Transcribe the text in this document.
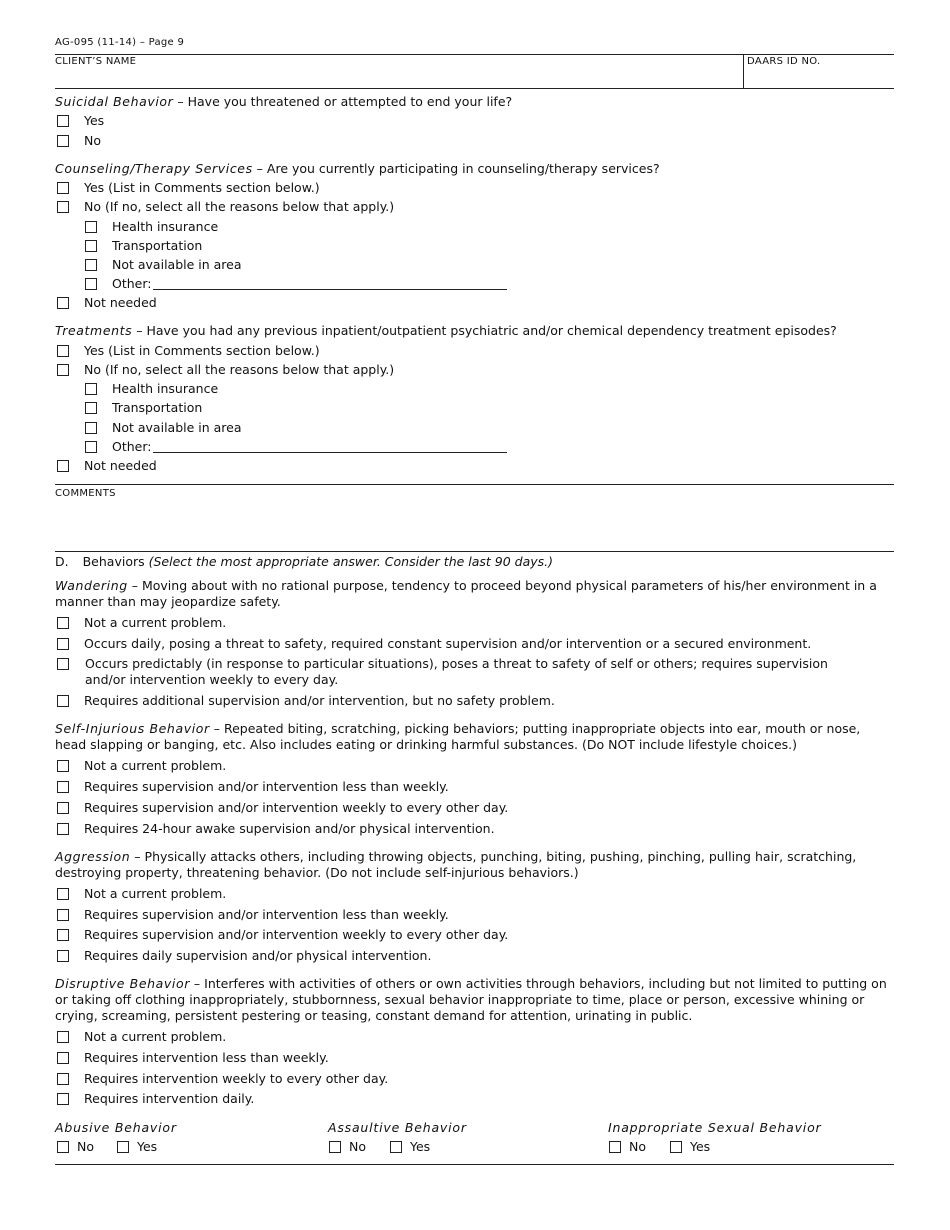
AG-095 (11-14) – Page 9
CLIENT’S NAME	DAARS ID NO.
Suicidal Behavior – Have you threatened or attempted to end your life?
Yes
No
Counseling/Therapy Services – Are you currently participating in counseling/therapy services?
Yes (List in Comments section below.)
No (If no, select all the reasons below that apply.)
Health insurance
Transportation
Not available in area
Other:
Not needed
Treatments – Have you had any previous inpatient/outpatient psychiatric and/or chemical dependency treatment episodes?
Yes (List in Comments section below.)
No (If no, select all the reasons below that apply.)
Health insurance
Transportation
Not available in area
Other:
Not needed
COMMENTS
D. Behaviors (Select the most appropriate answer. Consider the last 90 days.)
Wandering – Moving about with no rational purpose, tendency to proceed beyond physical parameters of his/her environment in a manner than may jeopardize safety.
Not a current problem.
Occurs daily, posing a threat to safety, required constant supervision and/or intervention or a secured environment.
Occurs predictably (in response to particular situations), poses a threat to safety of self or others; requires supervision and/or intervention weekly to every day.
Requires additional supervision and/or intervention, but no safety problem.
Self-Injurious Behavior – Repeated biting, scratching, picking behaviors; putting inappropriate objects into ear, mouth or nose, head slapping or banging, etc. Also includes eating or drinking harmful substances. (Do NOT include lifestyle choices.)
Not a current problem.
Requires supervision and/or intervention less than weekly.
Requires supervision and/or intervention weekly to every other day.
Requires 24-hour awake supervision and/or physical intervention.
Aggression – Physically attacks others, including throwing objects, punching, biting, pushing, pinching, pulling hair, scratching, destroying property, threatening behavior. (Do not include self-injurious behaviors.)
Not a current problem.
Requires supervision and/or intervention less than weekly.
Requires supervision and/or intervention weekly to every other day.
Requires daily supervision and/or physical intervention.
Disruptive Behavior – Interferes with activities of others or own activities through behaviors, including but not limited to putting on or taking off clothing inappropriately, stubbornness, sexual behavior inappropriate to time, place or person, excessive whining or crying, screaming, persistent pestering or teasing, constant demand for attention, urinating in public.
Not a current problem.
Requires intervention less than weekly.
Requires intervention weekly to every other day.
Requires intervention daily.
Abusive Behavior
No	Yes
Assaultive Behavior
No	Yes
Inappropriate Sexual Behavior
No	Yes
